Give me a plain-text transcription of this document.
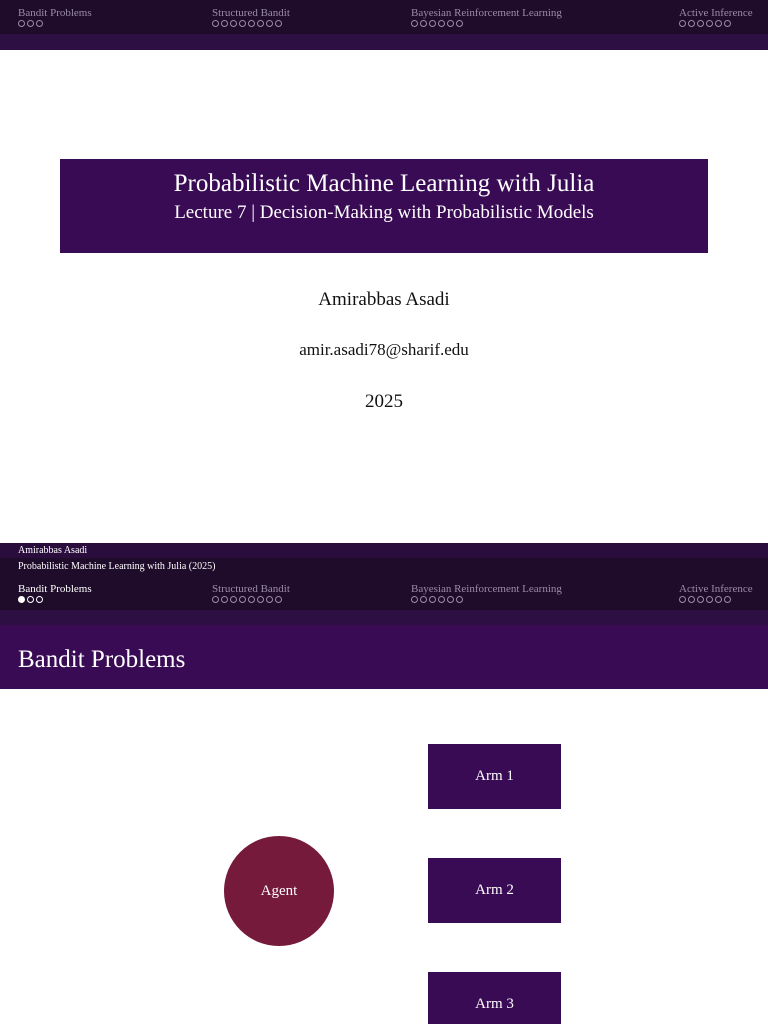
Bandit Problems	Structured Bandit	Bayesian Reinforcement Learning	Active Inference
Probabilistic Machine Learning with Julia
Lecture 7 | Decision-Making with Probabilistic Models
Amirabbas Asadi
amir.asadi78@sharif.edu
2025
Amirabbas Asadi
Probabilistic Machine Learning with Julia (2025)
Bandit Problems	Structured Bandit	Bayesian Reinforcement Learning	Active Inference
Bandit Problems
Agent
Arm 1
Arm 2
Arm 3
